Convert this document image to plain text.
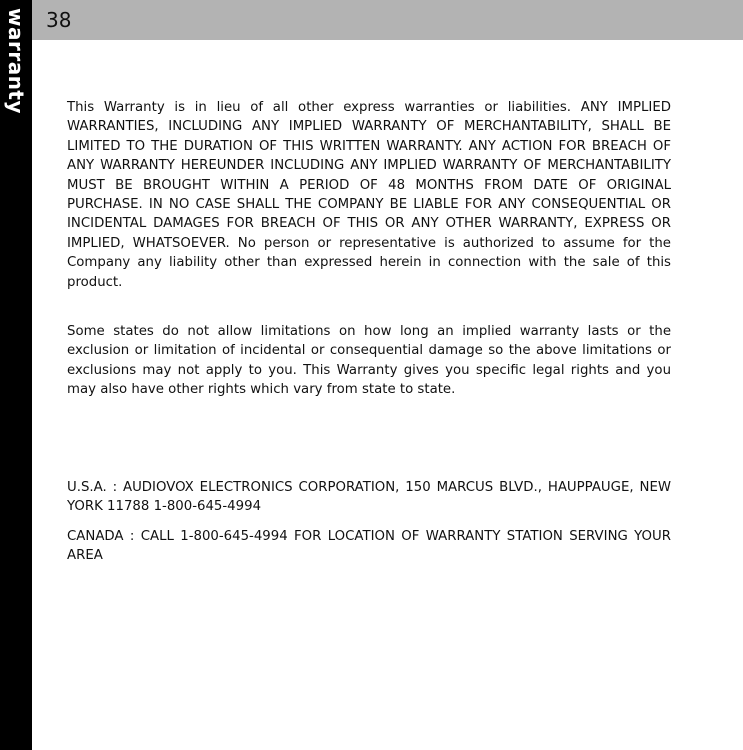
warranty 38

This Warranty is in lieu of all other express warranties or liabilities. ANY IMPLIED WARRANTIES, INCLUDING ANY IMPLIED WARRANTY OF MERCHANTABILITY, SHALL BE LIMITED TO THE DURATION OF THIS WRITTEN WARRANTY. ANY ACTION FOR BREACH OF ANY WARRANTY HEREUNDER INCLUDING ANY IMPLIED WARRANTY OF MERCHANTABILITY MUST BE BROUGHT WITHIN A PERIOD OF 48 MONTHS FROM DATE OF ORIGINAL PURCHASE. IN NO CASE SHALL THE COMPANY BE LIABLE FOR ANY CONSEQUENTIAL OR INCIDENTAL DAMAGES FOR BREACH OF THIS OR ANY OTHER WARRANTY, EXPRESS OR IMPLIED, WHATSOEVER. No person or representative is authorized to assume for the Company any liability other than expressed herein in connection with the sale of this product.

Some states do not allow limitations on how long an implied warranty lasts or the exclusion or limitation of incidental or consequential damage so the above limitations or exclusions may not apply to you. This Warranty gives you specific legal rights and you may also have other rights which vary from state to state.

U.S.A. : AUDIOVOX ELECTRONICS CORPORATION, 150 MARCUS BLVD., HAUPPAUGE, NEW YORK 11788 1-800-645-4994

CANADA : CALL 1-800-645-4994 FOR LOCATION OF WARRANTY STATION SERVING YOUR AREA
